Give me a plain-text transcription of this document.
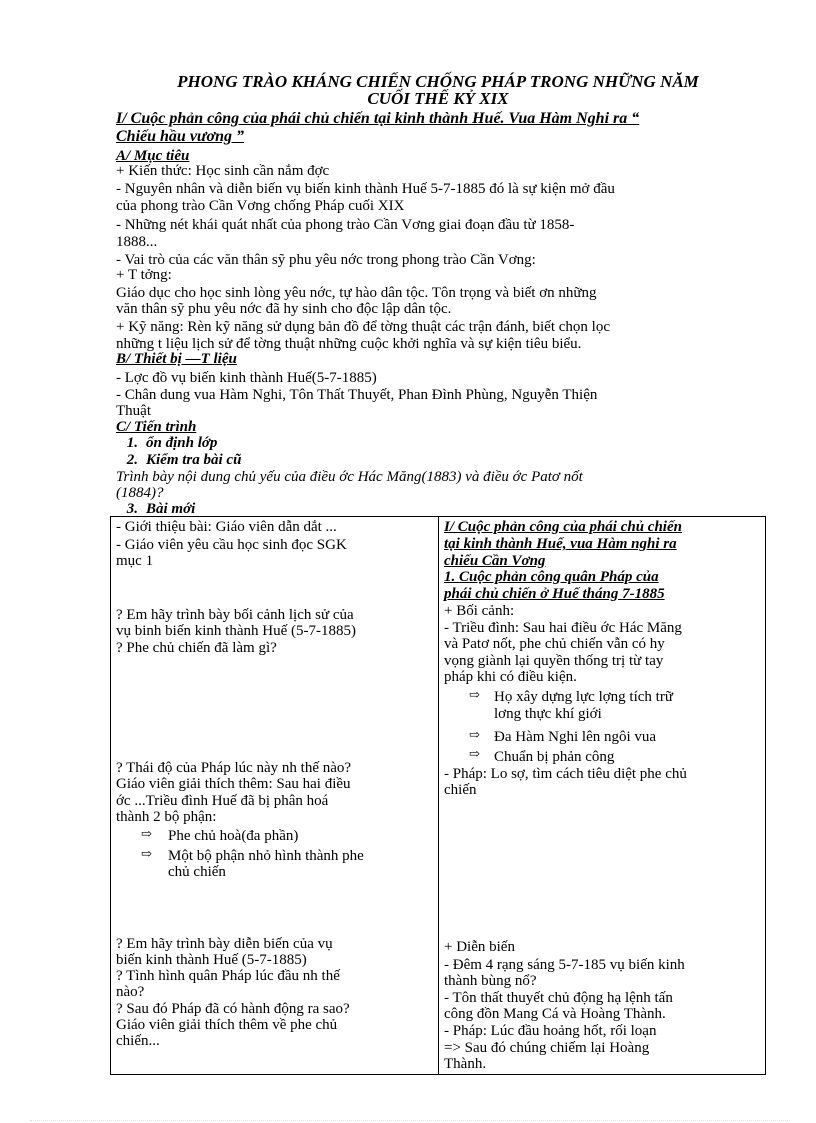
PHONG TRÀO KHÁNG CHIẾN CHỐNG PHÁP TRONG NHỮNG NĂM
CUỐI THẾ KỶ XIX
I/ Cuộc phản công của phái chủ chiến tại kinh thành Huế. Vua Hàm Nghi ra “
Chiếu hầu vương ”
A/ Mục tiêu
+ Kiến thức: Học sinh cần nắm đợc
- Nguyên nhân và diễn biến vụ biến kinh thành Huế 5-7-1885 đó là sự kiện mở đầu
của phong trào Cần Vơng chống Pháp cuối XIX
- Những nét khái quát nhất của phong trào Cần Vơng giai đoạn đầu từ 1858-
1888...
- Vai trò của các văn thân sỹ phu yêu nớc trong phong trào Cần Vơng:
+ T tởng:
Giáo dục cho học sinh lòng yêu nớc, tự hào dân tộc. Tôn trọng và biết ơn những
văn thân sỹ phu yêu nớc đã hy sinh cho độc lập dân tộc.
+ Kỹ năng: Rèn kỹ năng sử dụng bản đồ để tờng thuật các trận đánh, biết chọn lọc
những t liệu lịch sử để tờng thuật những cuộc khởi nghĩa và sự kiện tiêu biểu.
B/ Thiết bị —T liệu
- Lợc đồ vụ biến kinh thành Huế(5-7-1885)
- Chân dung vua Hàm Nghi, Tôn Thất Thuyết, Phan Đình Phùng, Nguyễn Thiện
Thuật
C/ Tiến trình
1. ổn định lớp
2. Kiểm tra bài cũ
Trình bày nội dung chủ yếu của điều ớc Hác Măng(1883) và điều ớc Patơ nốt
(1884)?
3. Bài mới
- Giới thiệu bài: Giáo viên dẫn dắt ...
- Giáo viên yêu cầu học sinh đọc SGK
mục 1
? Em hãy trình bày bối cảnh lịch sử của
vụ binh biến kinh thành Huế (5-7-1885)
? Phe chủ chiến đã làm gì?
? Thái độ của Pháp lúc này nh thế nào?
Giáo viên giải thích thêm: Sau hai điều
ớc ...Triều đình Huế đã bị phân hoá
thành 2 bộ phận:
⇨ Phe chủ hoà(đa phần)
⇨ Một bộ phận nhỏ hình thành phe
chủ chiến
? Em hãy trình bày diễn biến của vụ
biến kinh thành Huế (5-7-1885)
? Tình hình quân Pháp lúc đầu nh thế
nào?
? Sau đó Pháp đã có hành động ra sao?
Giáo viên giải thích thêm về phe chủ
chiến...

I/ Cuộc phản công của phái chủ chiến
tại kinh thành Huế, vua Hàm nghi ra
chiếu Cần Vơng
1. Cuộc phản công quân Pháp của
phái chủ chiến ở Huế tháng 7-1885
+ Bối cảnh:
- Triều đình: Sau hai điều ớc Hác Măng
và Patơ nốt, phe chủ chiến vẫn có hy
vọng giành lại quyền thống trị từ tay
pháp khi có điều kiện.
⇨ Họ xây dựng lực lợng tích trữ
lơng thực khí giới
⇨ Đa Hàm Nghi lên ngôi vua
⇨ Chuẩn bị phản công
- Pháp: Lo sợ, tìm cách tiêu diệt phe chủ
chiến
+ Diễn biến
- Đêm 4 rạng sáng 5-7-185 vụ biến kinh
thành bùng nổ?
- Tôn thất thuyết chủ động hạ lệnh tấn
công đồn Mang Cá và Hoàng Thành.
- Pháp: Lúc đầu hoảng hốt, rối loạn
=> Sau đó chúng chiếm lại Hoàng
Thành.
